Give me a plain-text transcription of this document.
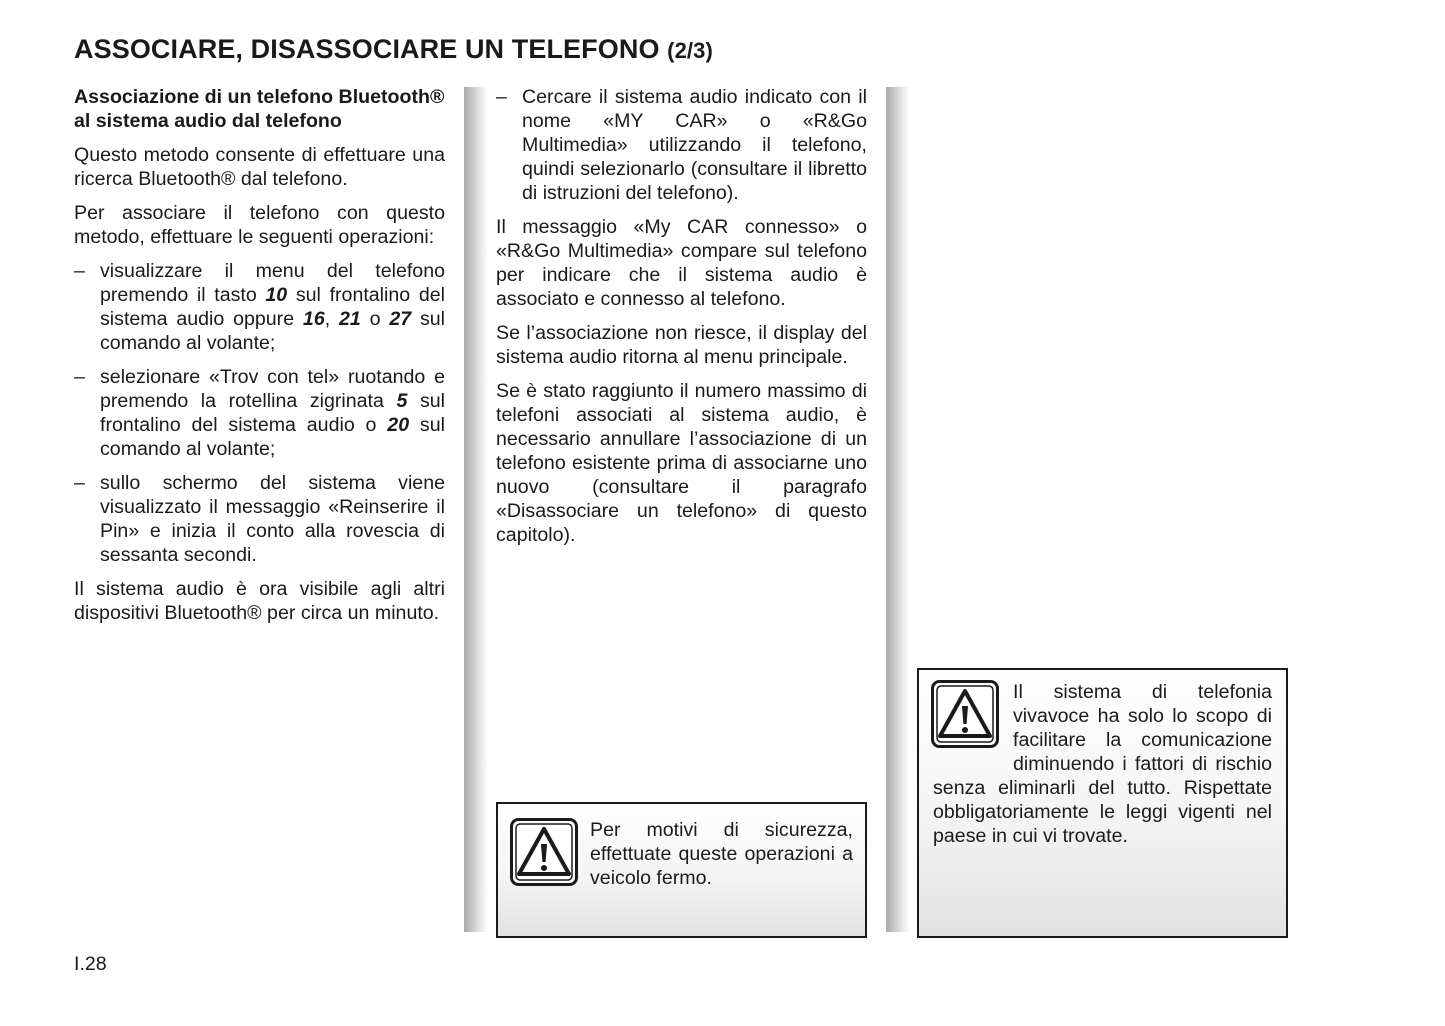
ASSOCIARE, DISASSOCIARE UN TELEFONO (2/3)

Associazione di un telefono Bluetooth® al sistema audio dal telefono

Questo metodo consente di effettuare una ricerca Bluetooth® dal telefono.

Per associare il telefono con questo metodo, effettuare le seguenti operazioni:

– visualizzare il menu del telefono premendo il tasto 10 sul frontalino del sistema audio oppure 16, 21 o 27 sul comando al volante;
– selezionare «Trov con tel» ruotando e premendo la rotellina zigrinata 5 sul frontalino del sistema audio o 20 sul comando al volante;
– sullo schermo del sistema viene visualizzato il messaggio «Reinserire il Pin» e inizia il conto alla rovescia di sessanta secondi.

Il sistema audio è ora visibile agli altri dispositivi Bluetooth® per circa un minuto.

– Cercare il sistema audio indicato con il nome «MY CAR» o «R&Go Multimedia» utilizzando il telefono, quindi selezionarlo (consultare il libretto di istruzioni del telefono).

Il messaggio «My CAR connesso» o «R&Go Multimedia» compare sul telefono per indicare che il sistema audio è associato e connesso al telefono.

Se l’associazione non riesce, il display del sistema audio ritorna al menu principale.

Se è stato raggiunto il numero massimo di telefoni associati al sistema audio, è necessario annullare l’associazione di un telefono esistente prima di associarne uno nuovo (consultare il paragrafo «Disassociare un telefono» di questo capitolo).

Per motivi di sicurezza, effettuate queste operazioni a veicolo fermo.

Il sistema di telefonia vivavoce ha solo lo scopo di facilitare la comunicazione diminuendo i fattori di rischio senza eliminarli del tutto. Rispettate obbligatoriamente le leggi vigenti nel paese in cui vi trovate.

I.28
